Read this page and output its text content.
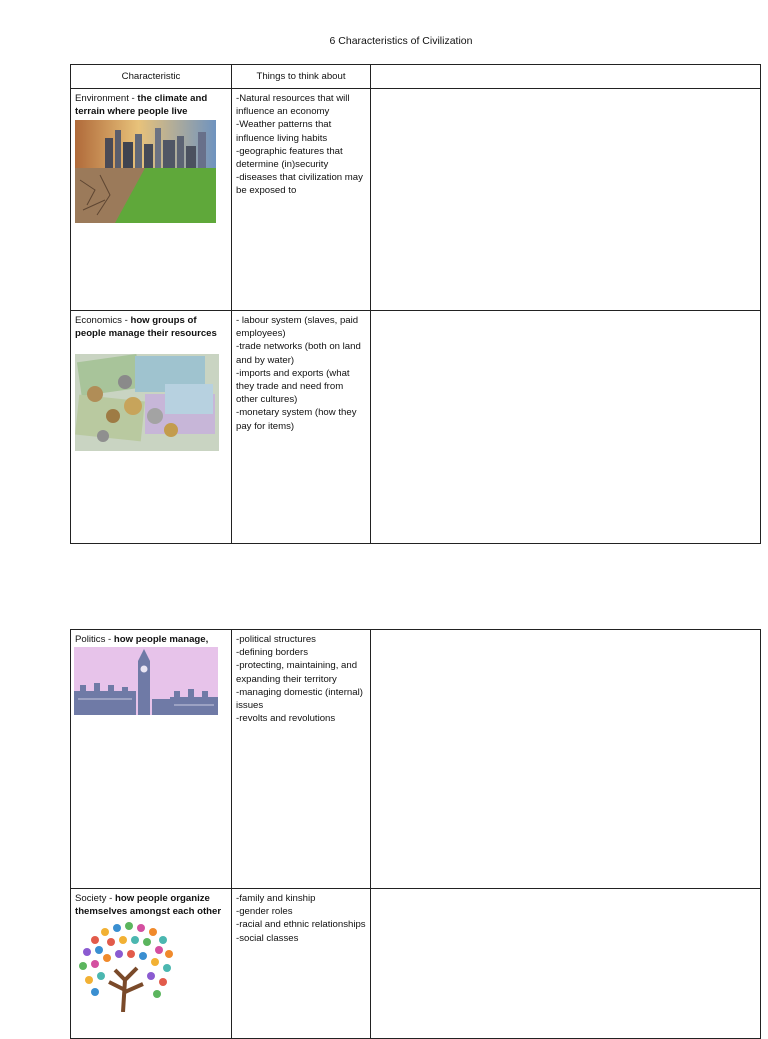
6 Characteristics of Civilization
Characteristic	Things to think about	
Environment - the climate and terrain where people live	-Natural resources that will influence an economy
-Weather patterns that influence living habits
-geographic features that determine (in)security
-diseases that civilization may be exposed to	

Economics - how groups of people manage their resources	- labour system (slaves, paid employees)
-trade networks (both on land and by water)
-imports and exports (what they trade and need from other cultures)
-monetary system (how they pay for items)	

Politics - how people manage,	-political structures
-defining borders
-protecting, maintaining, and expanding their territory
-managing domestic (internal) issues
-revolts and revolutions	

Society - how people organize themselves amongst each other	-family and kinship
-gender roles
-racial and ethnic relationships
-social classes	
